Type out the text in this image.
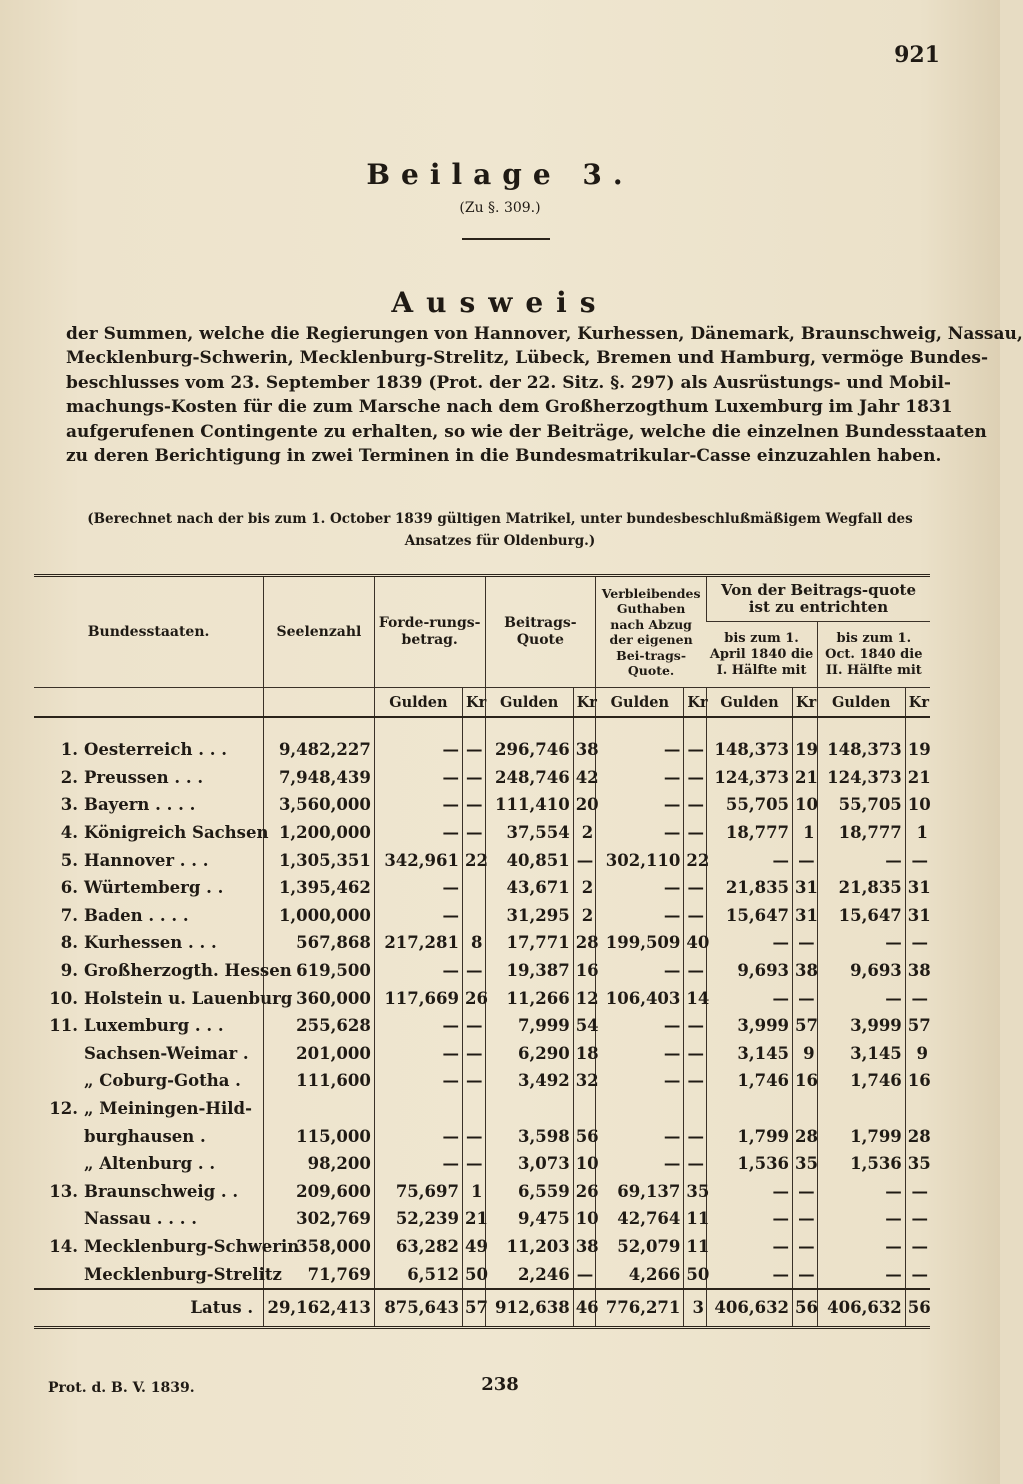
921
Beilage 3.
(Zu §. 309.)
Ausweis
der Summen, welche die Regierungen von Hannover, Kurhessen, Dänemark, Braunschweig, Nassau,
Mecklenburg-Schwerin, Mecklenburg-Strelitz, Lübeck, Bremen und Hamburg, vermöge Bundes-
beschlusses vom 23. September 1839 (Prot. der 22. Sitz. §. 297) als Ausrüstungs- und Mobil-
machungs-Kosten für die zum Marsche nach dem Großherzogthum Luxemburg im Jahr 1831
aufgerufenen Contingente zu erhalten, so wie der Beiträge, welche die einzelnen Bundesstaaten
zu deren Berichtigung in zwei Terminen in die Bundesmatrikular-Casse einzuzahlen haben.
(Berechnet nach der bis zum 1. October 1839 gültigen Matrikel, unter bundesbeschlußmäßigem Wegfall des
Ansatzes für Oldenburg.)
Bundesstaaten.	Seelenzahl	Forde-rungs-betrag.		Beitrags-Quote		Verbleibendes Guthaben nach Abzug der eigenen Bei-trags-Quote.		Von der Beitrags-quote ist zu entrichten			
								bis zum 1. April 1840 die I. Hälfte mit		bis zum 1. Oct. 1840 die II. Hälfte mit	
		Gulden	Kr	Gulden	Kr	Gulden	Kr	Gulden	Kr	Gulden	Kr

1. Oesterreich . . .	9,482,227	—	—	296,746	38	—	—	148,373	19	148,373	19
2. Preussen . . .	7,948,439	—	—	248,746	42	—	—	124,373	21	124,373	21
3. Bayern . . . .	3,560,000	—	—	111,410	20	—	—	55,705	10	55,705	10
4. Königreich Sachsen	1,200,000	—	—	37,554	2	—	—	18,777	1	18,777	1
5. Hannover . . .	1,305,351	342,961	22	40,851	—	302,110	22	—	—	—	—
6. Würtemberg . .	1,395,462	—		43,671	2	—	—	21,835	31	21,835	31
7. Baden . . . .	1,000,000	—		31,295	2	—	—	15,647	31	15,647	31
8. Kurhessen . . .	567,868	217,281	8	17,771	28	199,509	40	—	—	—	—
9. Großherzogth. Hessen	619,500	—	—	19,387	16	—	—	9,693	38	9,693	38
10. Holstein u. Lauenburg	360,000	117,669	26	11,266	12	106,403	14	—	—	—	—
11. Luxemburg . . .	255,628	—	—	7,999	54	—	—	3,999	57	3,999	57
Sachsen-Weimar .	201,000	—	—	6,290	18	—	—	3,145	9	3,145	9
„ Coburg-Gotha .	111,600	—	—	3,492	32	—	—	1,746	16	1,746	16
12. „ Meiningen-Hild-											
burghausen .	115,000	—	—	3,598	56	—	—	1,799	28	1,799	28
„ Altenburg . .	98,200	—	—	3,073	10	—	—	1,536	35	1,536	35
13. Braunschweig . .	209,600	75,697	1	6,559	26	69,137	35	—	—	—	—
Nassau . . . .	302,769	52,239	21	9,475	10	42,764	11	—	—	—	—
14. Mecklenburg-Schwerin	358,000	63,282	49	11,203	38	52,079	11	—	—	—	—
Mecklenburg-Strelitz	71,769	6,512	50	2,246	—	4,266	50	—	—	—	—
Latus .	29,162,413	875,643	57	912,638	46	776,271	3	406,632	56	406,632	56
Prot. d. B. V. 1839.	238
